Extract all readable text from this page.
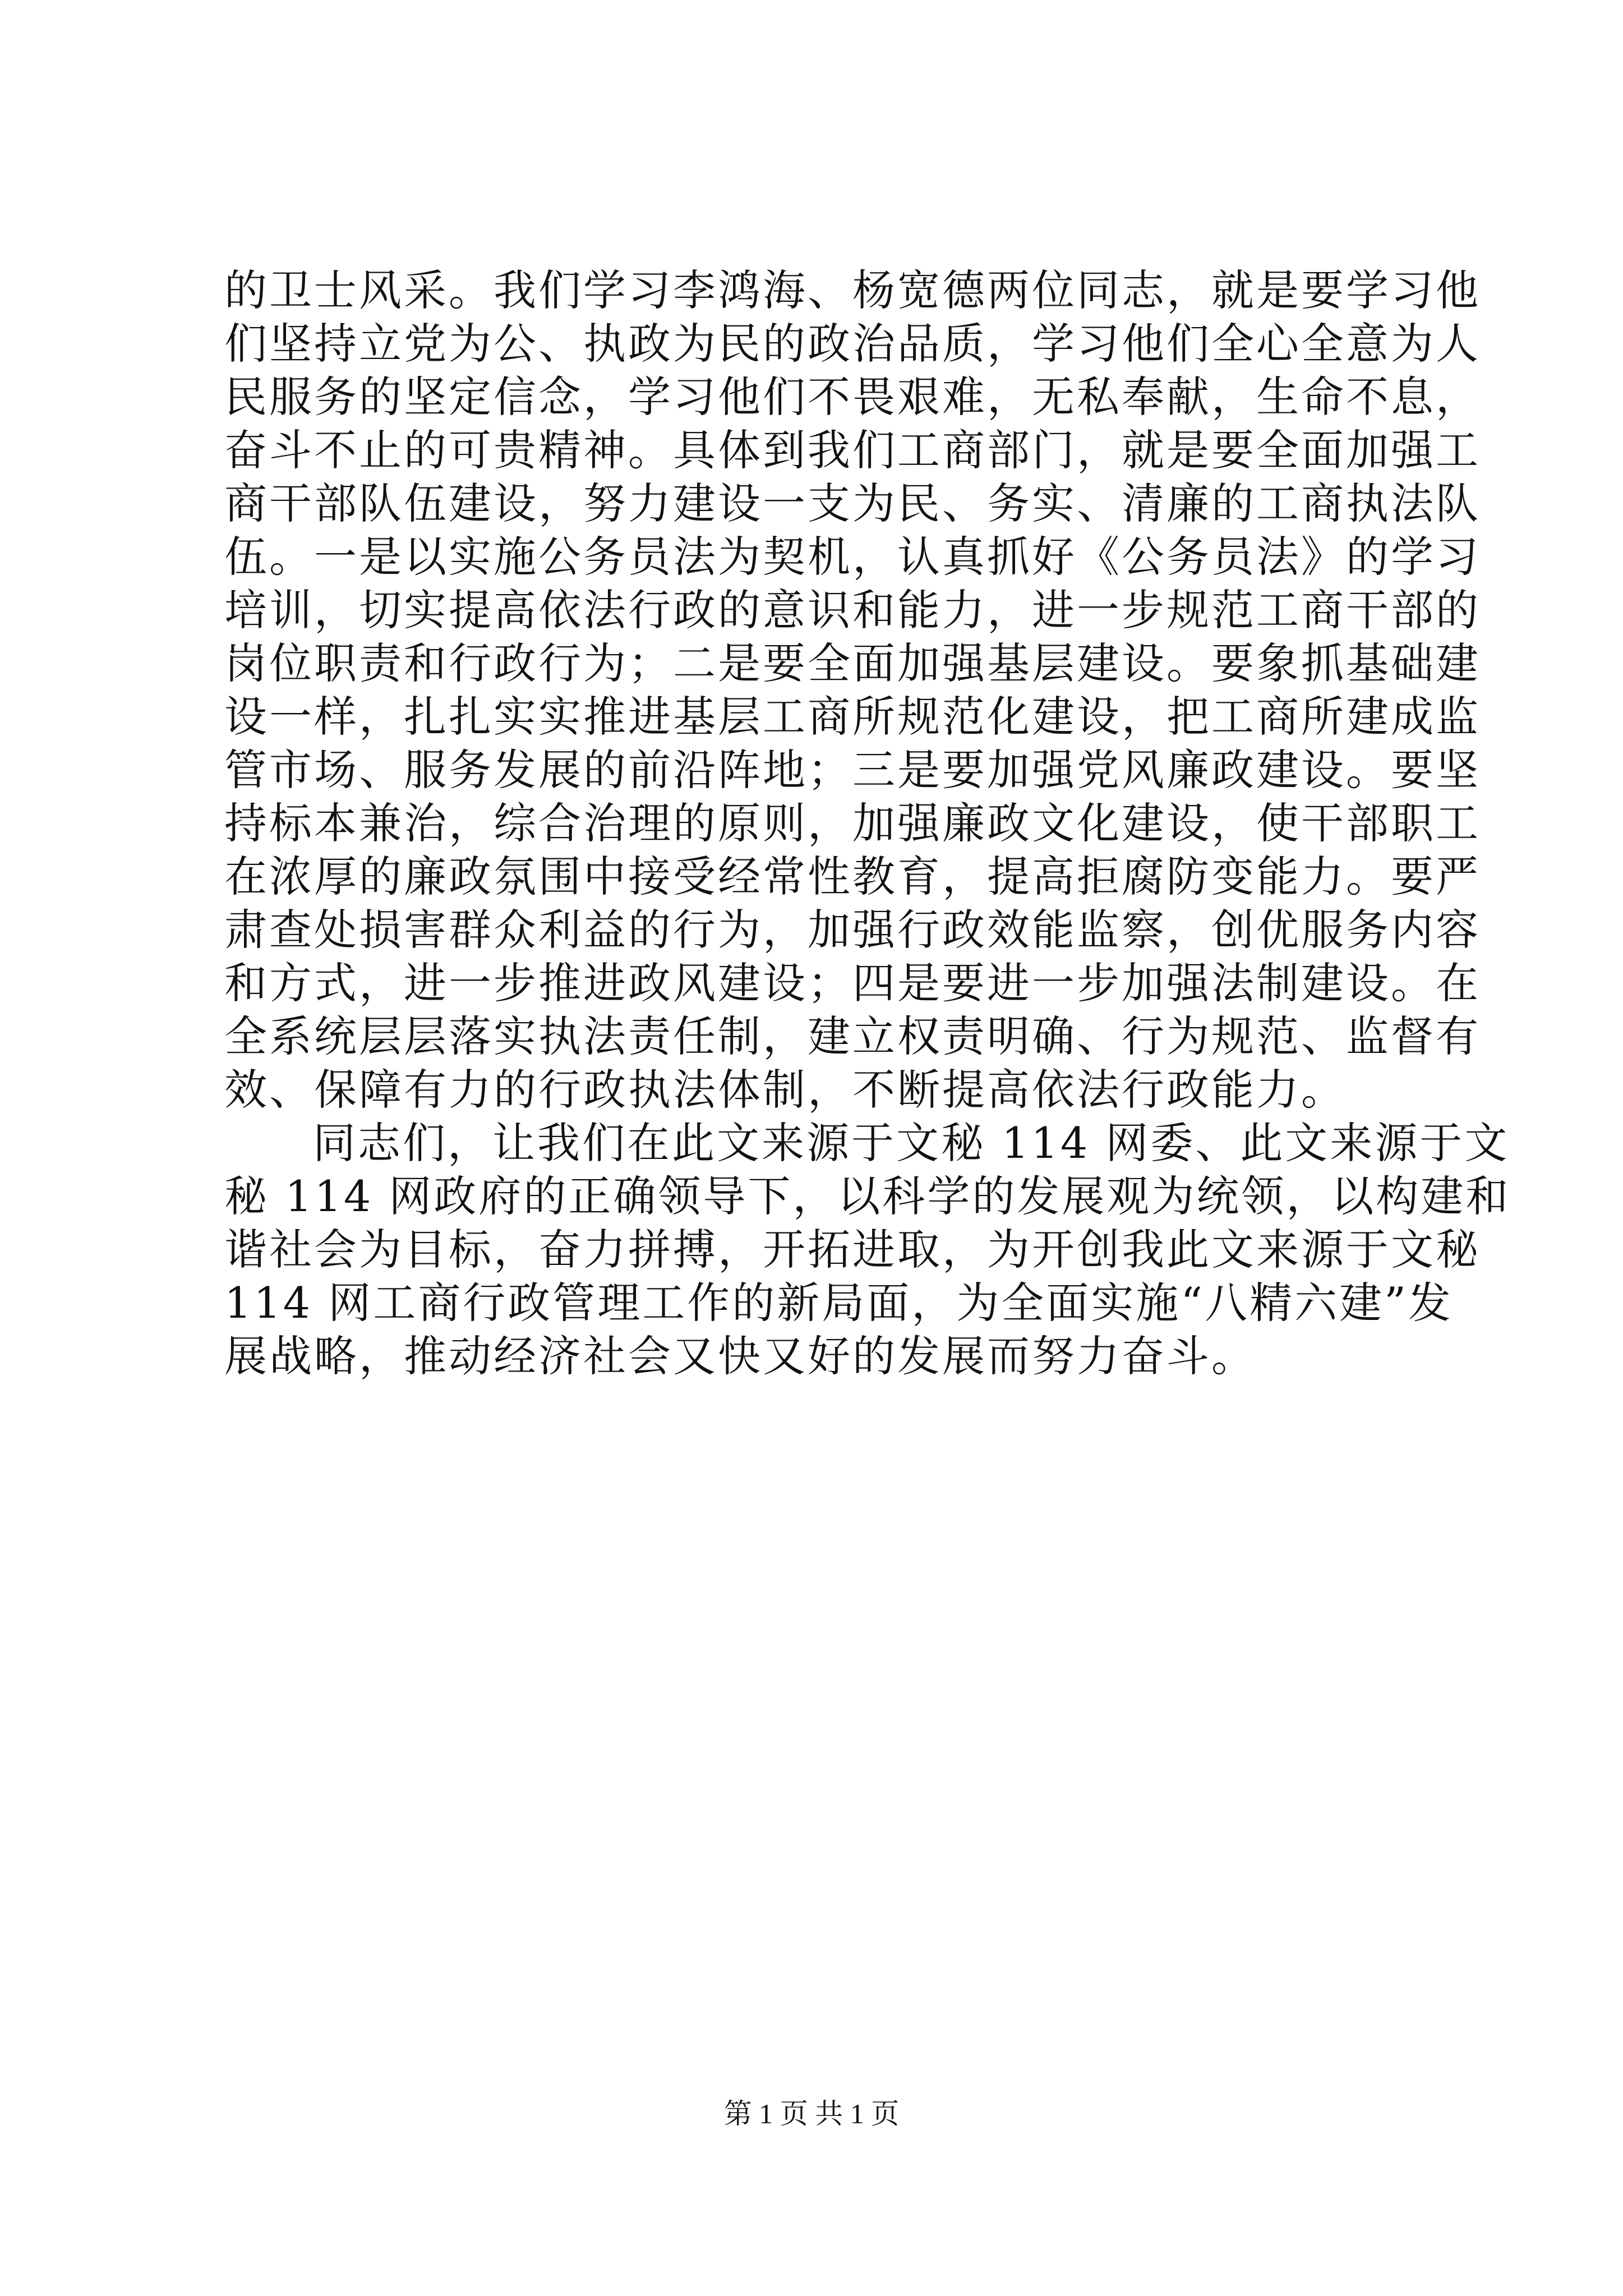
的卫士风采。我们学习李鸿海、杨宽德两位同志，就是要学习他
们坚持立党为公、执政为民的政治品质，学习他们全心全意为人
民服务的坚定信念，学习他们不畏艰难，无私奉献，生命不息，
奋斗不止的可贵精神。具体到我们工商部门，就是要全面加强工
商干部队伍建设，努力建设一支为民、务实、清廉的工商执法队
伍。一是以实施公务员法为契机，认真抓好《公务员法》的学习
培训，切实提高依法行政的意识和能力，进一步规范工商干部的
岗位职责和行政行为；二是要全面加强基层建设。要象抓基础建
设一样，扎扎实实推进基层工商所规范化建设，把工商所建成监
管市场、服务发展的前沿阵地；三是要加强党风廉政建设。要坚
持标本兼治，综合治理的原则，加强廉政文化建设，使干部职工
在浓厚的廉政氛围中接受经常性教育，提高拒腐防变能力。要严
肃查处损害群众利益的行为，加强行政效能监察，创优服务内容
和方式，进一步推进政风建设；四是要进一步加强法制建设。在
全系统层层落实执法责任制，建立权责明确、行为规范、监督有
效、保障有力的行政执法体制，不断提高依法行政能力。
同志们，让我们在此文来源于文秘 114 网委、此文来源于文
秘 114 网政府的正确领导下，以科学的发展观为统领，以构建和
谐社会为目标，奋力拼搏，开拓进取，为开创我此文来源于文秘
114 网工商行政管理工作的新局面，为全面实施“八精六建”发
展战略，推动经济社会又快又好的发展而努力奋斗。
第 1 页 共 1 页
